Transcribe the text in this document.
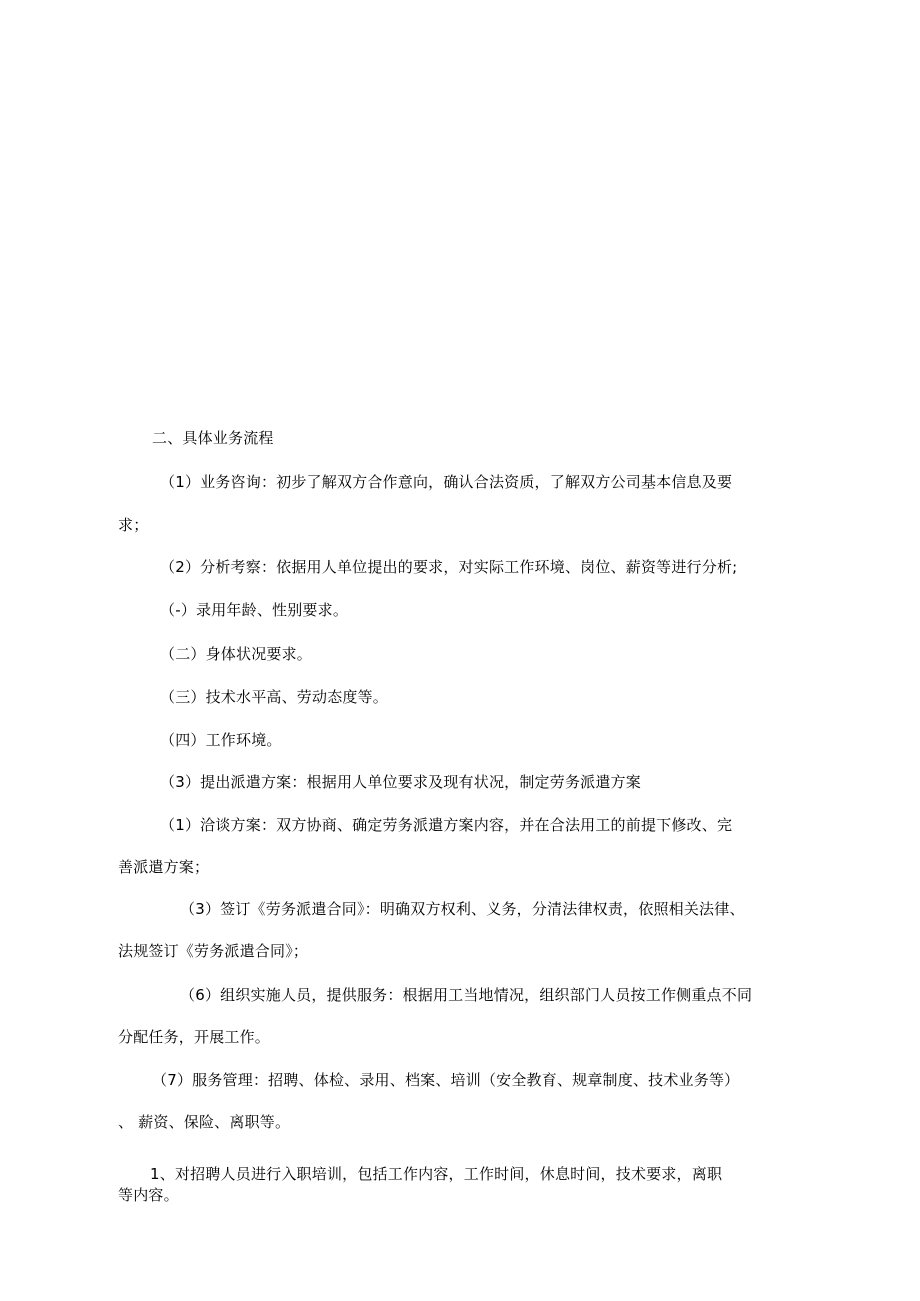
二、具体业务流程
（1）业务咨询：初步了解双方合作意向，确认合法资质，了解双方公司基本信息及要
求；
（2）分析考察：依据用人单位提出的要求，对实际工作环境、岗位、薪资等进行分析;
（-）录用年龄、性别要求。
（二）身体状况要求。
（三）技术水平高、劳动态度等。
（四）工作环境。
（3）提出派遣方案：根据用人单位要求及现有状况，制定劳务派遣方案
（1）洽谈方案：双方协商、确定劳务派遣方案内容，并在合法用工的前提下修改、完
善派遣方案；
（3）签订《劳务派遣合同》：明确双方权利、义务，分清法律权责，依照相关法律、
法规签订《劳务派遣合同》；
（6）组织实施人员，提供服务：根据用工当地情况，组织部门人员按工作侧重点不同
分配任务，开展工作。
（7）服务管理：招聘、体检、录用、档案、培训（安全教育、规章制度、技术业务等）
、 薪资、保险、离职等。
1、对招聘人员进行入职培训，包括工作内容，工作时间，休息时间，技术要求，离职
等内容。
